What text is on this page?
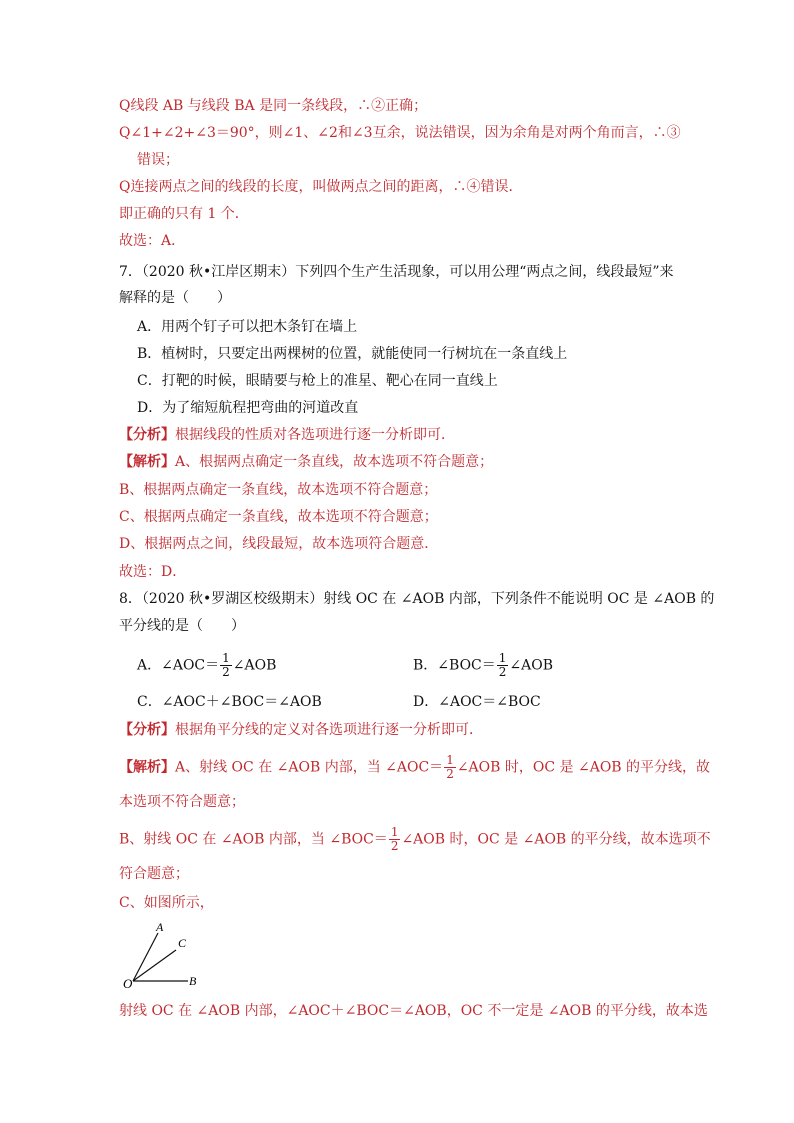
Q线段 AB 与线段 BA 是同一条线段，∴②正确；
Q∠1+∠2+∠3＝90°，则∠1、∠2和∠3互余，说法错误，因为余角是对两个角而言，∴③
错误；
Q连接两点之间的线段的长度，叫做两点之间的距离，∴④错误．
即正确的只有 1 个．
故选：A．
7．（2020 秋•江岸区期末）下列四个生产生活现象，可以用公理“两点之间，线段最短”来
解释的是（　　）
A．用两个钉子可以把木条钉在墙上
B．植树时，只要定出两棵树的位置，就能使同一行树坑在一条直线上
C．打靶的时候，眼睛要与枪上的准星、靶心在同一直线上
D．为了缩短航程把弯曲的河道改直
【分析】根据线段的性质对各选项进行逐一分析即可．
【解析】A、根据两点确定一条直线，故本选项不符合题意；
B、根据两点确定一条直线，故本选项不符合题意；
C、根据两点确定一条直线，故本选项不符合题意；
D、根据两点之间，线段最短，故本选项符合题意．
故选：D．
8．（2020 秋•罗湖区校级期末）射线 OC 在 ∠AOB 内部，下列条件不能说明 OC 是 ∠AOB 的
平分线的是（　　）
A．∠AOC＝ $\frac{1}{2}$ ∠AOB	B．∠BOC＝ $\frac{1}{2}$ ∠AOB
C．∠AOC＋∠BOC＝∠AOB	D．∠AOC＝∠BOC
【分析】根据角平分线的定义对各选项进行逐一分析即可．
【解析】A、射线 OC 在 ∠AOB 内部，当 ∠AOC＝ $\frac{1}{2}$ ∠AOB 时，OC 是 ∠AOB 的平分线，故
本选项不符合题意；
B、射线 OC 在 ∠AOB 内部，当 ∠BOC＝ $\frac{1}{2}$ ∠AOB 时，OC 是 ∠AOB 的平分线，故本选项不
符合题意；
C、如图所示，
A
C
O	B
射线 OC 在 ∠AOB 内部，∠AOC＋∠BOC＝∠AOB，OC 不一定是 ∠AOB 的平分线，故本选
